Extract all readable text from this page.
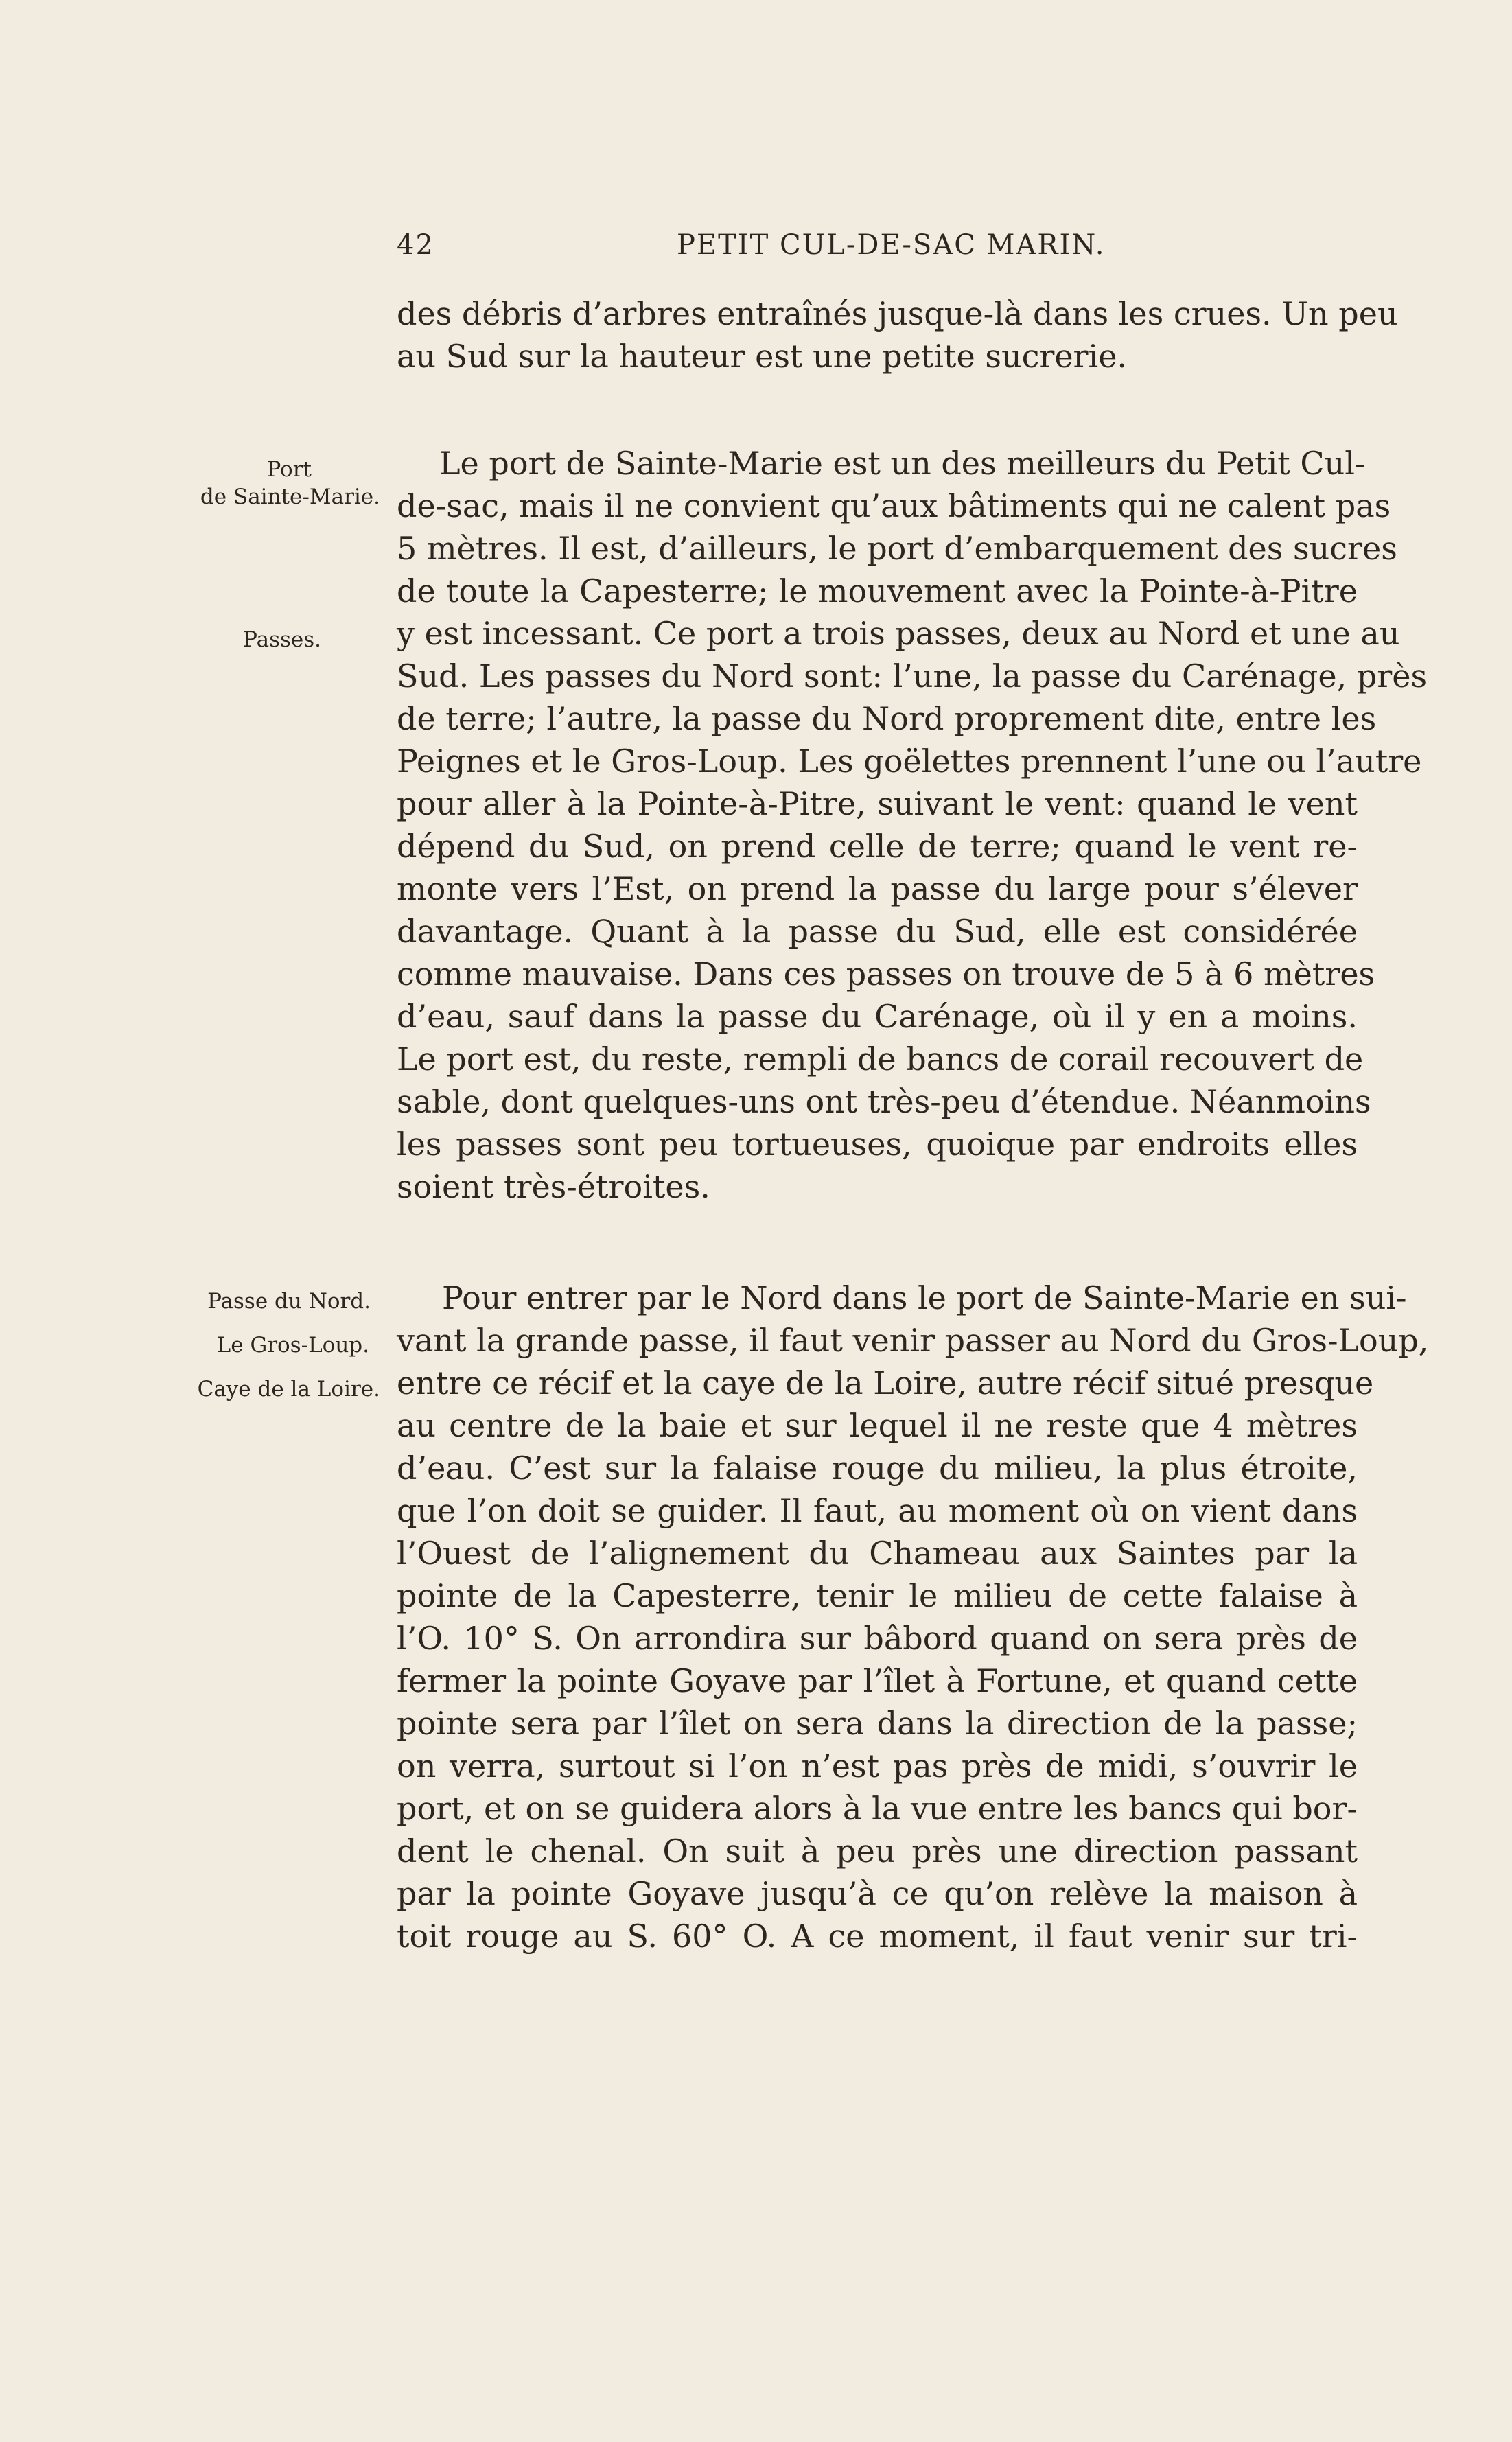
42	PETIT CUL-DE-SAC MARIN.
des débris d’arbres entraînés jusque-là dans les crues. Un peu
au Sud sur la hauteur est une petite sucrerie.
Port
de Sainte-Marie.
Passes.
Passe du Nord.
Le Gros-Loup.
Caye de la Loire.
Le port de Sainte-Marie est un des meilleurs du Petit Cul-
de-sac, mais il ne convient qu’aux bâtiments qui ne calent pas
5 mètres. Il est, d’ailleurs, le port d’embarquement des sucres
de toute la Capesterre; le mouvement avec la Pointe-à-Pitre
y est incessant. Ce port a trois passes, deux au Nord et une au
Sud. Les passes du Nord sont: l’une, la passe du Carénage, près
de terre; l’autre, la passe du Nord proprement dite, entre les
Peignes et le Gros-Loup. Les goëlettes prennent l’une ou l’autre
pour aller à la Pointe-à-Pitre, suivant le vent: quand le vent
dépend du Sud, on prend celle de terre; quand le vent re-
monte vers l’Est, on prend la passe du large pour s’élever
davantage. Quant à la passe du Sud, elle est considérée
comme mauvaise. Dans ces passes on trouve de 5 à 6 mètres
d’eau, sauf dans la passe du Carénage, où il y en a moins.
Le port est, du reste, rempli de bancs de corail recouvert de
sable, dont quelques-uns ont très-peu d’étendue. Néanmoins
les passes sont peu tortueuses, quoique par endroits elles
soient très-étroites.
Pour entrer par le Nord dans le port de Sainte-Marie en sui-
vant la grande passe, il faut venir passer au Nord du Gros-Loup,
entre ce récif et la caye de la Loire, autre récif situé presque
au centre de la baie et sur lequel il ne reste que 4 mètres
d’eau. C’est sur la falaise rouge du milieu, la plus étroite,
que l’on doit se guider. Il faut, au moment où on vient dans
l’Ouest de l’alignement du Chameau aux Saintes par la
pointe de la Capesterre, tenir le milieu de cette falaise à
l’O. 10° S. On arrondira sur bâbord quand on sera près de
fermer la pointe Goyave par l’îlet à Fortune, et quand cette
pointe sera par l’îlet on sera dans la direction de la passe;
on verra, surtout si l’on n’est pas près de midi, s’ouvrir le
port, et on se guidera alors à la vue entre les bancs qui bor-
dent le chenal. On suit à peu près une direction passant
par la pointe Goyave jusqu’à ce qu’on relève la maison à
toit rouge au S. 60° O. A ce moment, il faut venir sur tri-
